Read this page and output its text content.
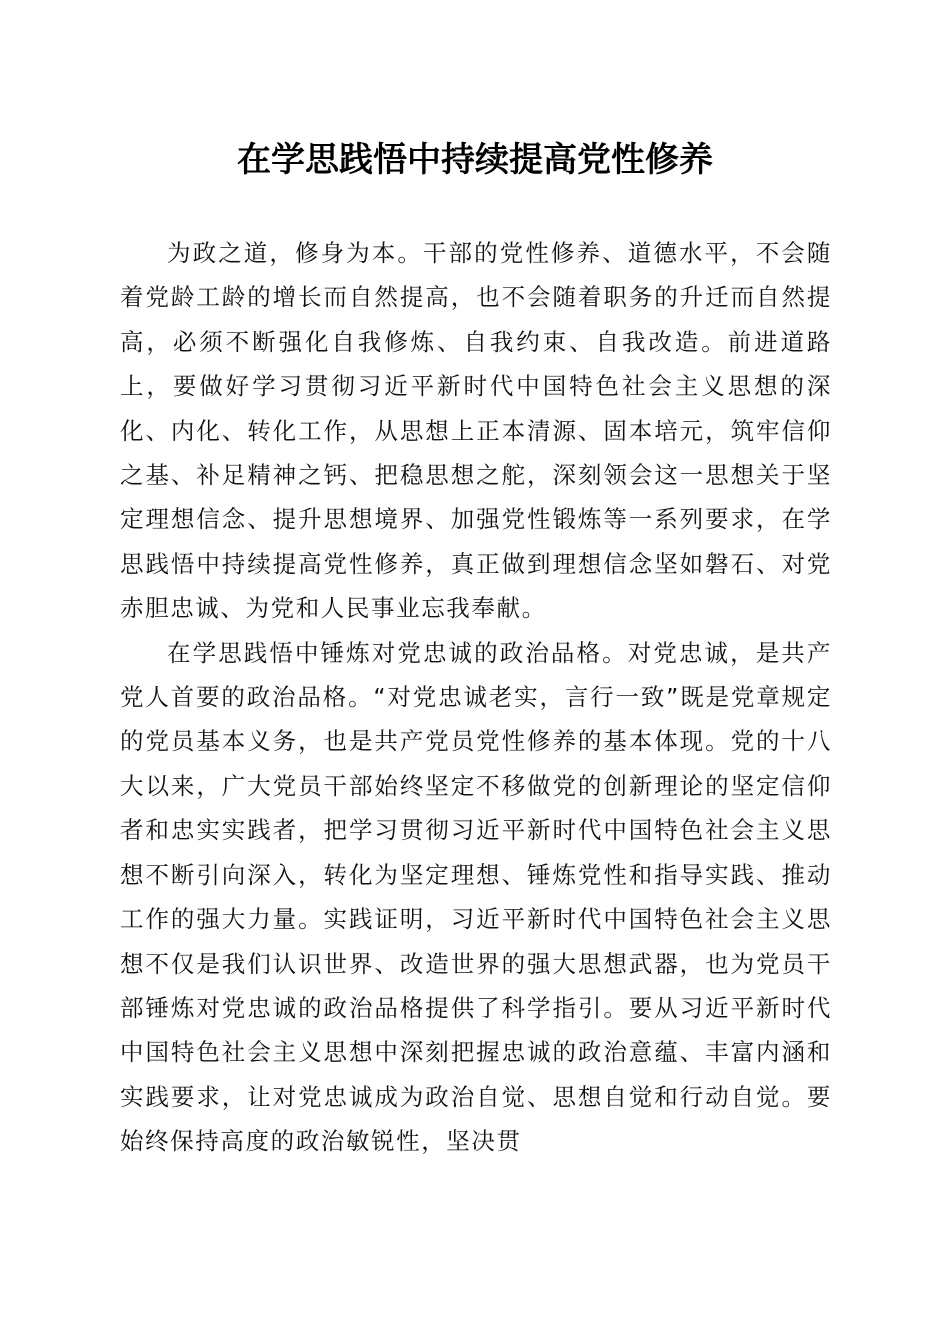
在学思践悟中持续提高党性修养

为政之道，修身为本。干部的党性修养、道德水平，不会随着党龄工龄的增长而自然提高，也不会随着职务的升迁而自然提高，必须不断强化自我修炼、自我约束、自我改造。前进道路上，要做好学习贯彻习近平新时代中国特色社会主义思想的深化、内化、转化工作，从思想上正本清源、固本培元，筑牢信仰之基、补足精神之钙、把稳思想之舵，深刻领会这一思想关于坚定理想信念、提升思想境界、加强党性锻炼等一系列要求，在学思践悟中持续提高党性修养，真正做到理想信念坚如磐石、对党赤胆忠诚、为党和人民事业忘我奉献。

在学思践悟中锤炼对党忠诚的政治品格。对党忠诚，是共产党人首要的政治品格。“对党忠诚老实，言行一致”既是党章规定的党员基本义务，也是共产党员党性修养的基本体现。党的十八大以来，广大党员干部始终坚定不移做党的创新理论的坚定信仰者和忠实实践者，把学习贯彻习近平新时代中国特色社会主义思想不断引向深入，转化为坚定理想、锤炼党性和指导实践、推动工作的强大力量。实践证明，习近平新时代中国特色社会主义思想不仅是我们认识世界、改造世界的强大思想武器，也为党员干部锤炼对党忠诚的政治品格提供了科学指引。要从习近平新时代中国特色社会主义思想中深刻把握忠诚的政治意蕴、丰富内涵和实践要求，让对党忠诚成为政治自觉、思想自觉和行动自觉。要始终保持高度的政治敏锐性，坚决贯
